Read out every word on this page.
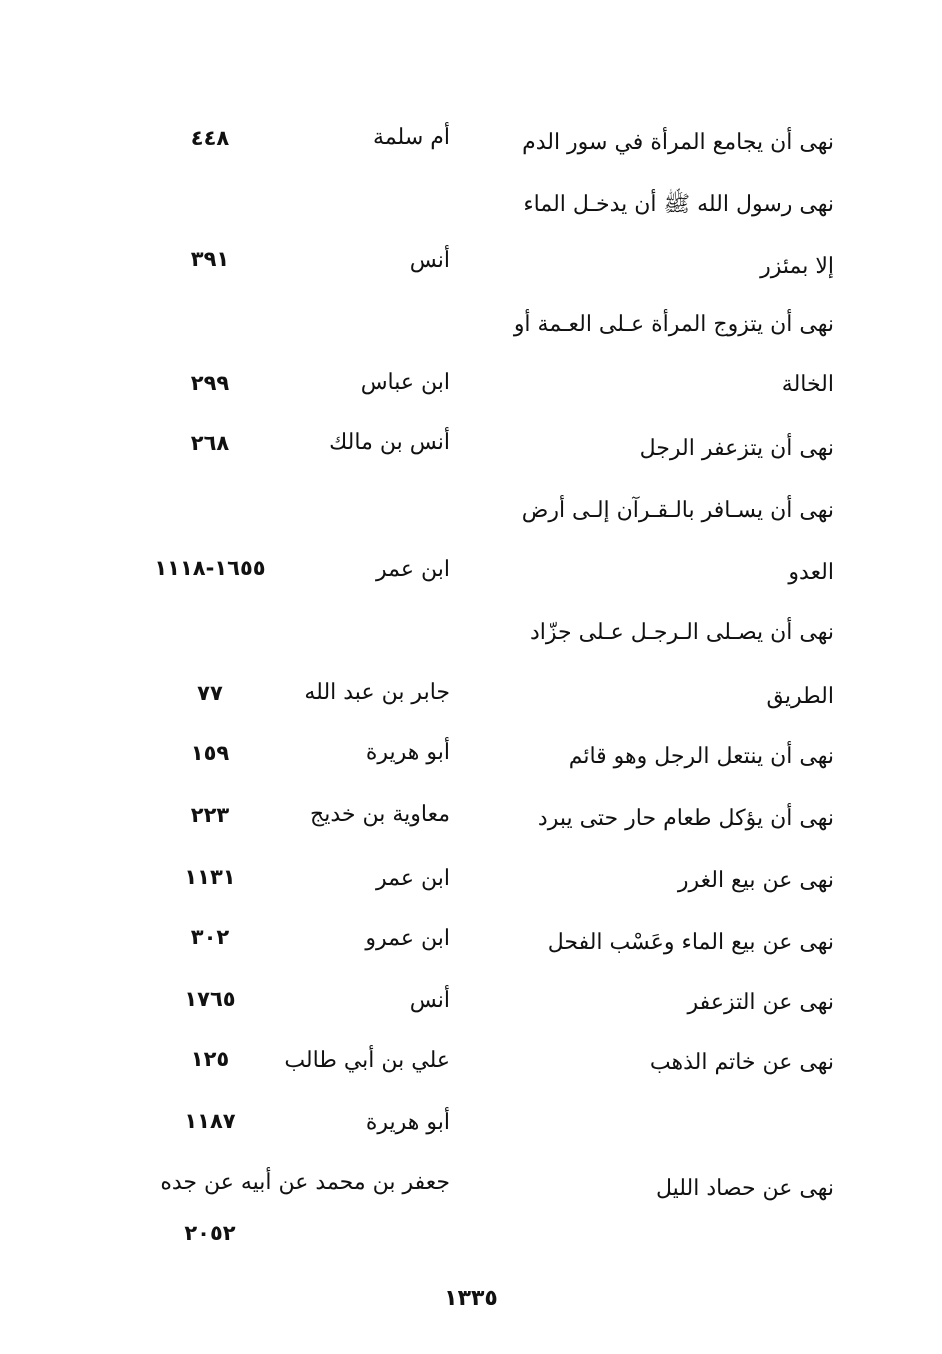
نهى أن يجامع المرأة في سور الدم
أم سلمة
٤٤٨
نهى رسول الله ﷺ أن يدخـل الماء
إلا بمئزر
أنس
٣٩١
نهى أن يتزوج المرأة عـلى العـمة أو
الخالة
ابن عباس
٢٩٩
نهى أن يتزعفر الرجل
أنس بن مالك
٢٦٨
نهى أن يسـافر بالـقـرآن إلـى أرض
العدو
ابن عمر
١٦٥٥-١١١٨
نهى أن يصـلى الـرجـل عـلى جزّاد
الطريق
جابر بن عبد الله
٧٧
نهى أن ينتعل الرجل وهو قائم
أبو هريرة
١٥٩
نهى أن يؤكل طعام حار حتى يبرد
معاوية بن خديج
٢٢٣
نهى عن بيع الغرر
ابن عمر
١١٣١
نهى عن بيع الماء وعَسْب الفحل
ابن عمرو
٣٠٢
نهى عن التزعفر
أنس
١٧٦٥
نهى عن خاتم الذهب
علي بن أبي طالب
١٢٥
أبو هريرة
١١٨٧
نهى عن حصاد الليل
جعفر بن محمد عن أبيه عن جده
٢٠٥٢
١٣٣٥
